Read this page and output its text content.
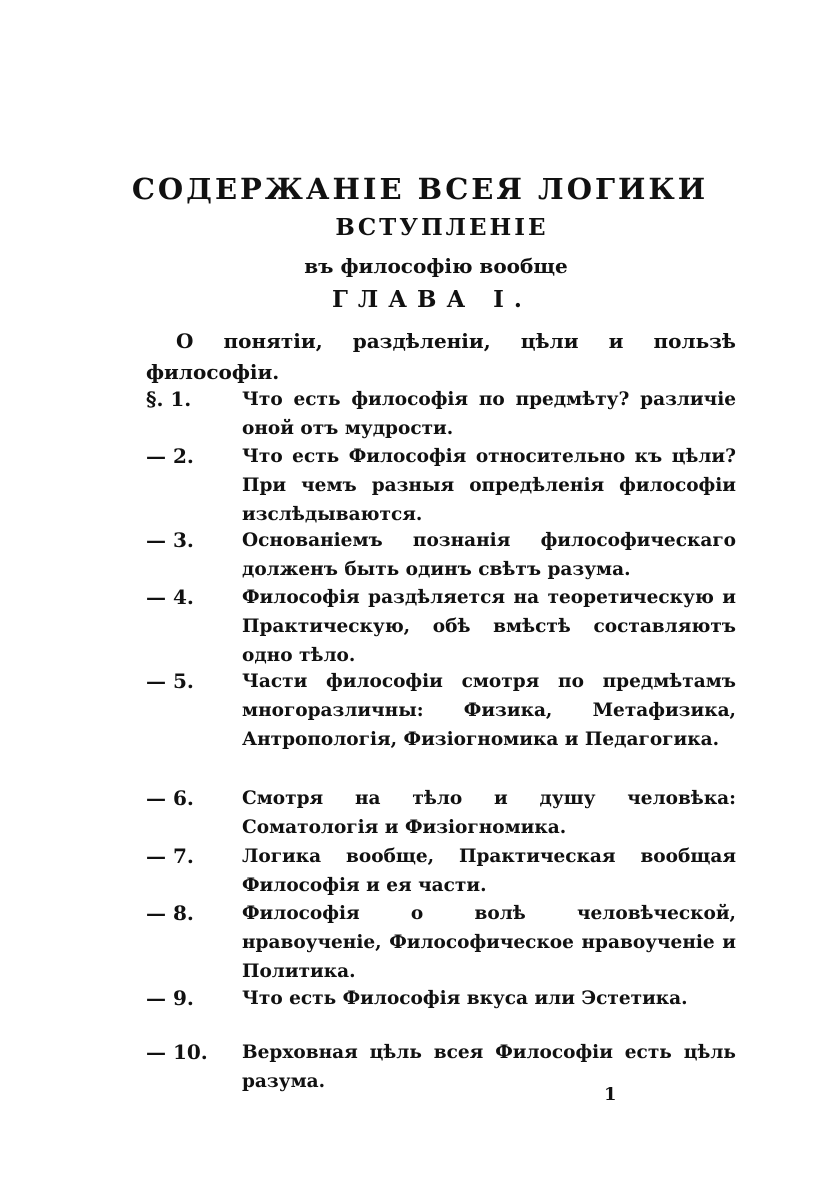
СОДЕРЖАНІЕ ВСЕЯ ЛОГИКИ
ВСТУПЛЕНІЕ
въ философію вообще
ГЛАВА I.
О понятіи, раздѣленіи, цѣли и пользѣ философіи.
§. 1.	Что есть философія по предмѣту? различіе оной отъ мудрости.
— 2.	Что есть Философія относительно къ цѣли? При чемъ разныя опредѣленія философіи изслѣдываются.
— 3.	Основаніемъ познанія философическаго долженъ быть одинъ свѣтъ разума.
— 4.	Философія раздѣляется на теоретическую и Практическую, обѣ вмѣстѣ составляютъ одно тѣло.
— 5.	Части философіи смотря по предмѣтамъ многоразличны: Физика, Метафизика, Антропологія, Физіогномика и Педагогика.
— 6.	Смотря на тѣло и душу человѣка: Соматологія и Физіогномика.
— 7.	Логика вообще, Практическая вообщая Философія и ея части.
— 8.	Философія о волѣ человѣческой, нравоученіе, Философическое нравоученіе и Политика.
— 9.	Что есть Философія вкуса или Эстетика.
— 10.	Верховная цѣль всея Философіи есть цѣль разума.
1
